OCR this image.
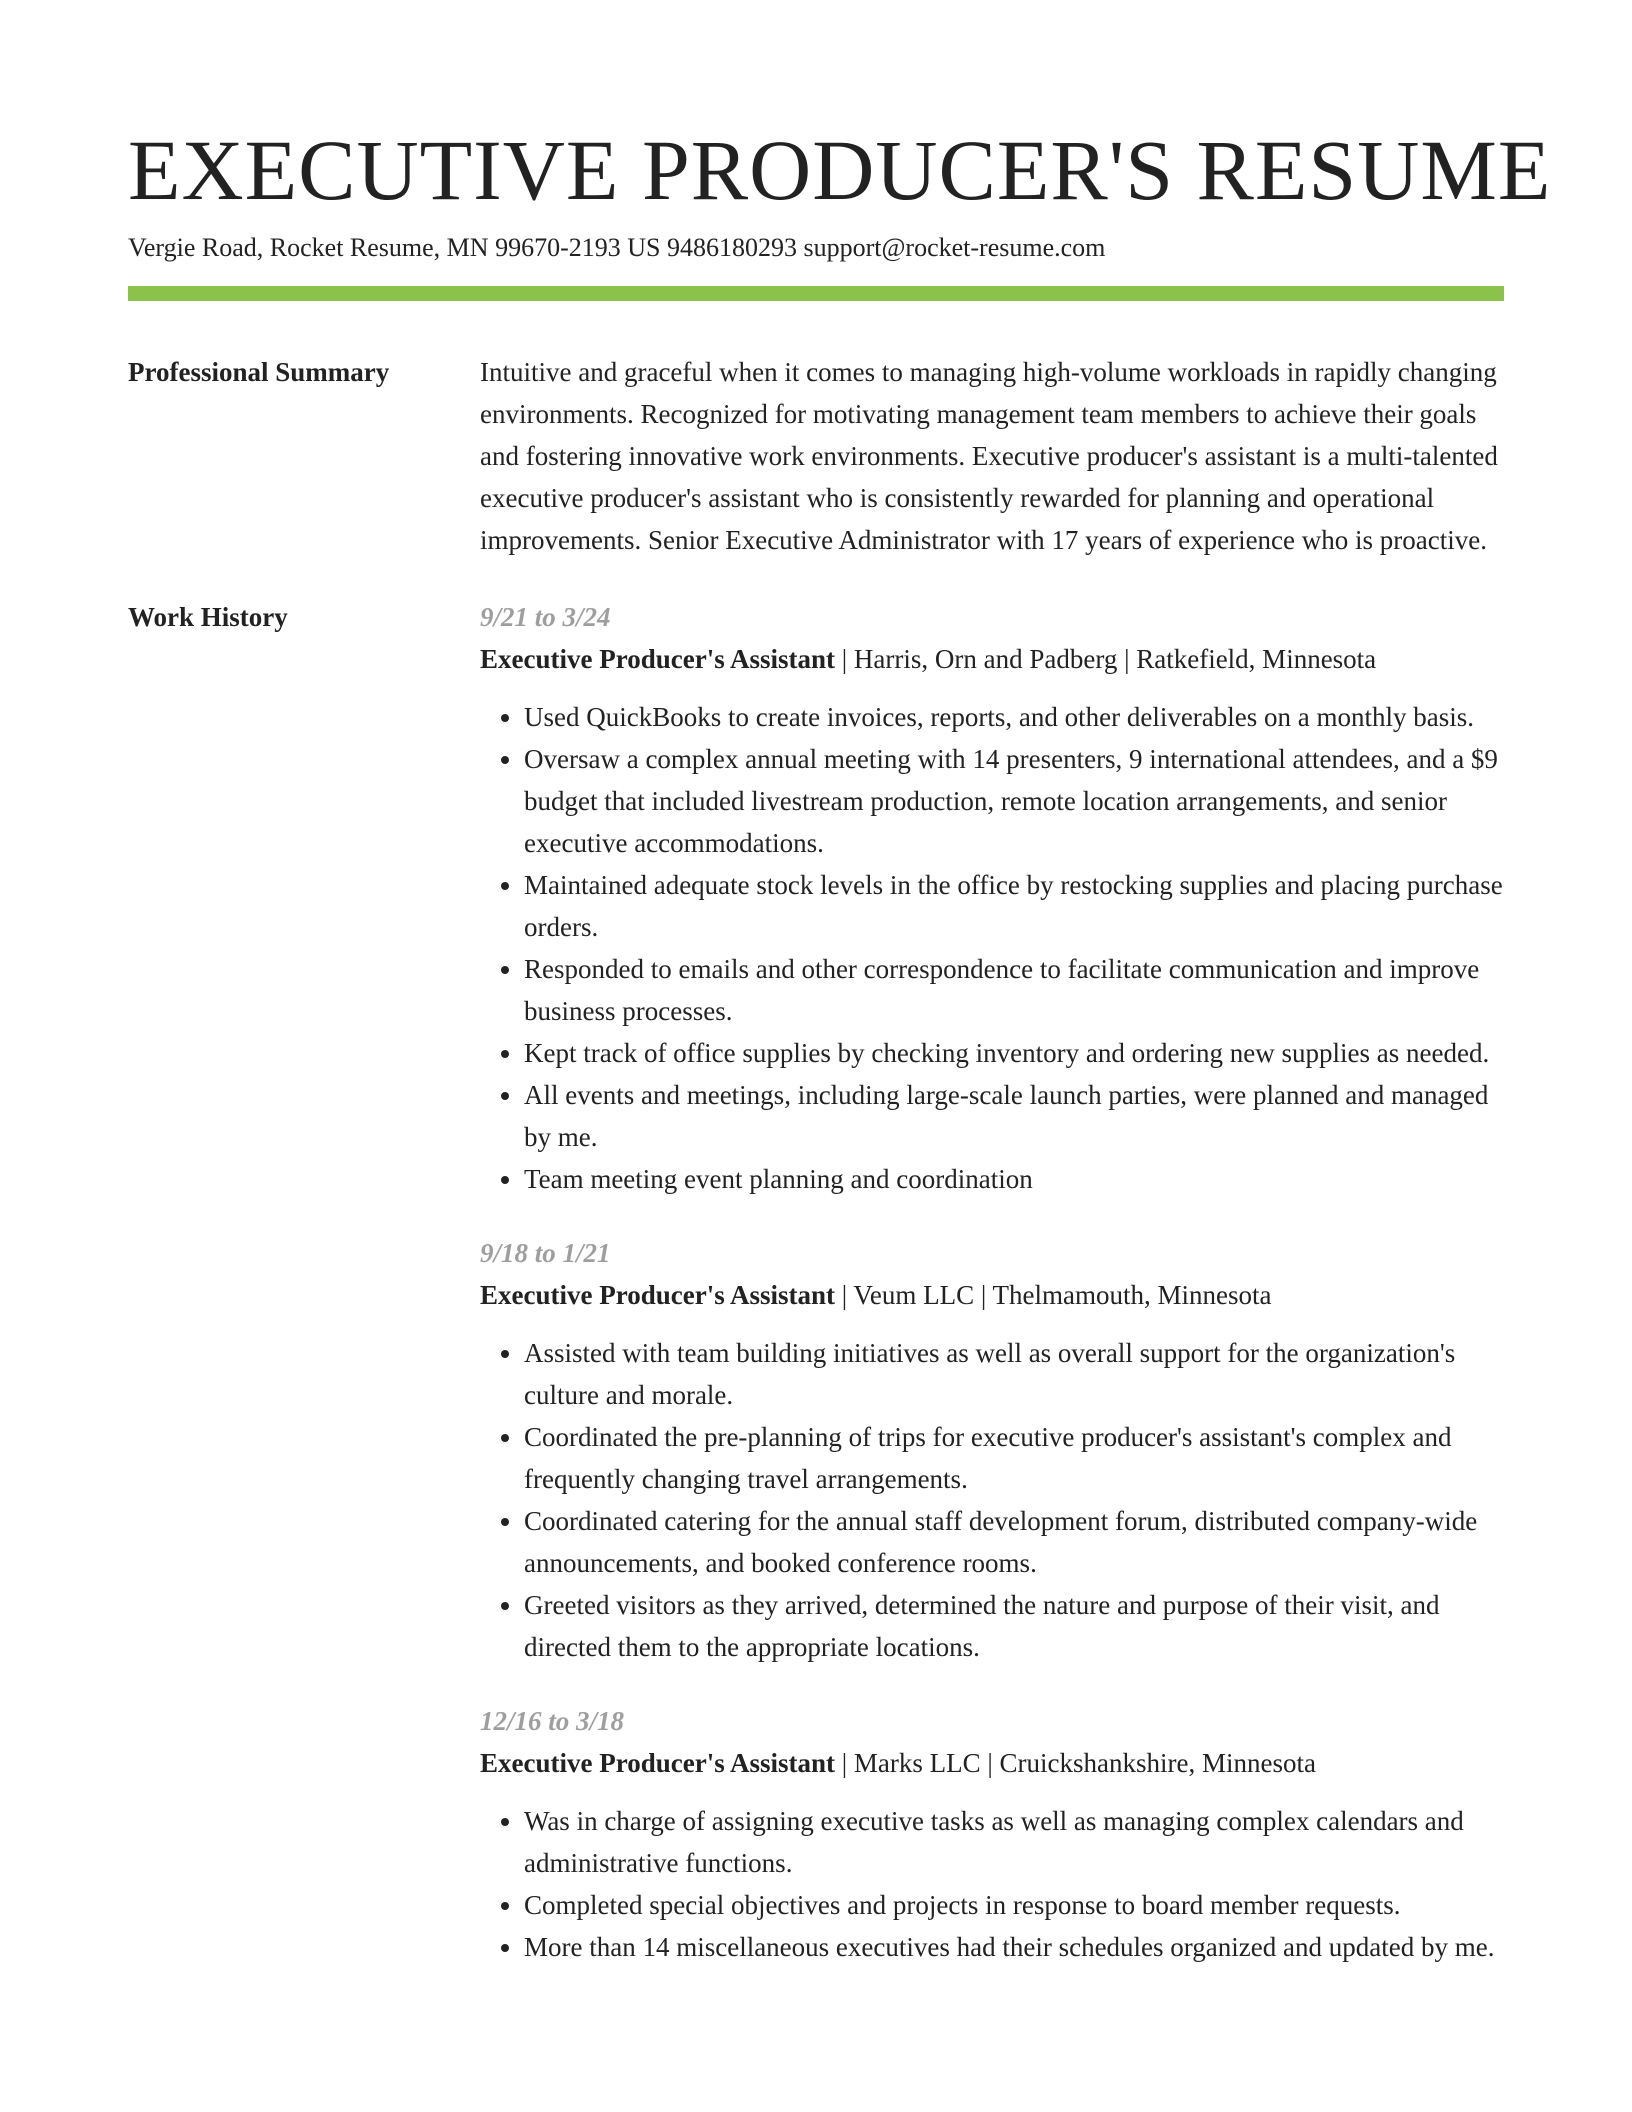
EXECUTIVE PRODUCER'S RESUME
Vergie Road, Rocket Resume, MN 99670-2193 US 9486180293 support@rocket-resume.com
Professional Summary	Intuitive and graceful when it comes to managing high-volume workloads in rapidly changing environments. Recognized for motivating management team members to achieve their goals and fostering innovative work environments. Executive producer's assistant is a multi-talented executive producer's assistant who is consistently rewarded for planning and operational improvements. Senior Executive Administrator with 17 years of experience who is proactive.

Work History	9/21 to 3/24
Executive Producer's Assistant | Harris, Orn and Padberg | Ratkefield, Minnesota
• Used QuickBooks to create invoices, reports, and other deliverables on a monthly basis.
• Oversaw a complex annual meeting with 14 presenters, 9 international attendees, and a $9 budget that included livestream production, remote location arrangements, and senior executive accommodations.
• Maintained adequate stock levels in the office by restocking supplies and placing purchase orders.
• Responded to emails and other correspondence to facilitate communication and improve business processes.
• Kept track of office supplies by checking inventory and ordering new supplies as needed.
• All events and meetings, including large-scale launch parties, were planned and managed by me.
• Team meeting event planning and coordination
9/18 to 1/21
Executive Producer's Assistant | Veum LLC | Thelmamouth, Minnesota
• Assisted with team building initiatives as well as overall support for the organization's culture and morale.
• Coordinated the pre-planning of trips for executive producer's assistant's complex and frequently changing travel arrangements.
• Coordinated catering for the annual staff development forum, distributed company-wide announcements, and booked conference rooms.
• Greeted visitors as they arrived, determined the nature and purpose of their visit, and directed them to the appropriate locations.
12/16 to 3/18
Executive Producer's Assistant | Marks LLC | Cruickshankshire, Minnesota
• Was in charge of assigning executive tasks as well as managing complex calendars and administrative functions.
• Completed special objectives and projects in response to board member requests.
• More than 14 miscellaneous executives had their schedules organized and updated by me.
